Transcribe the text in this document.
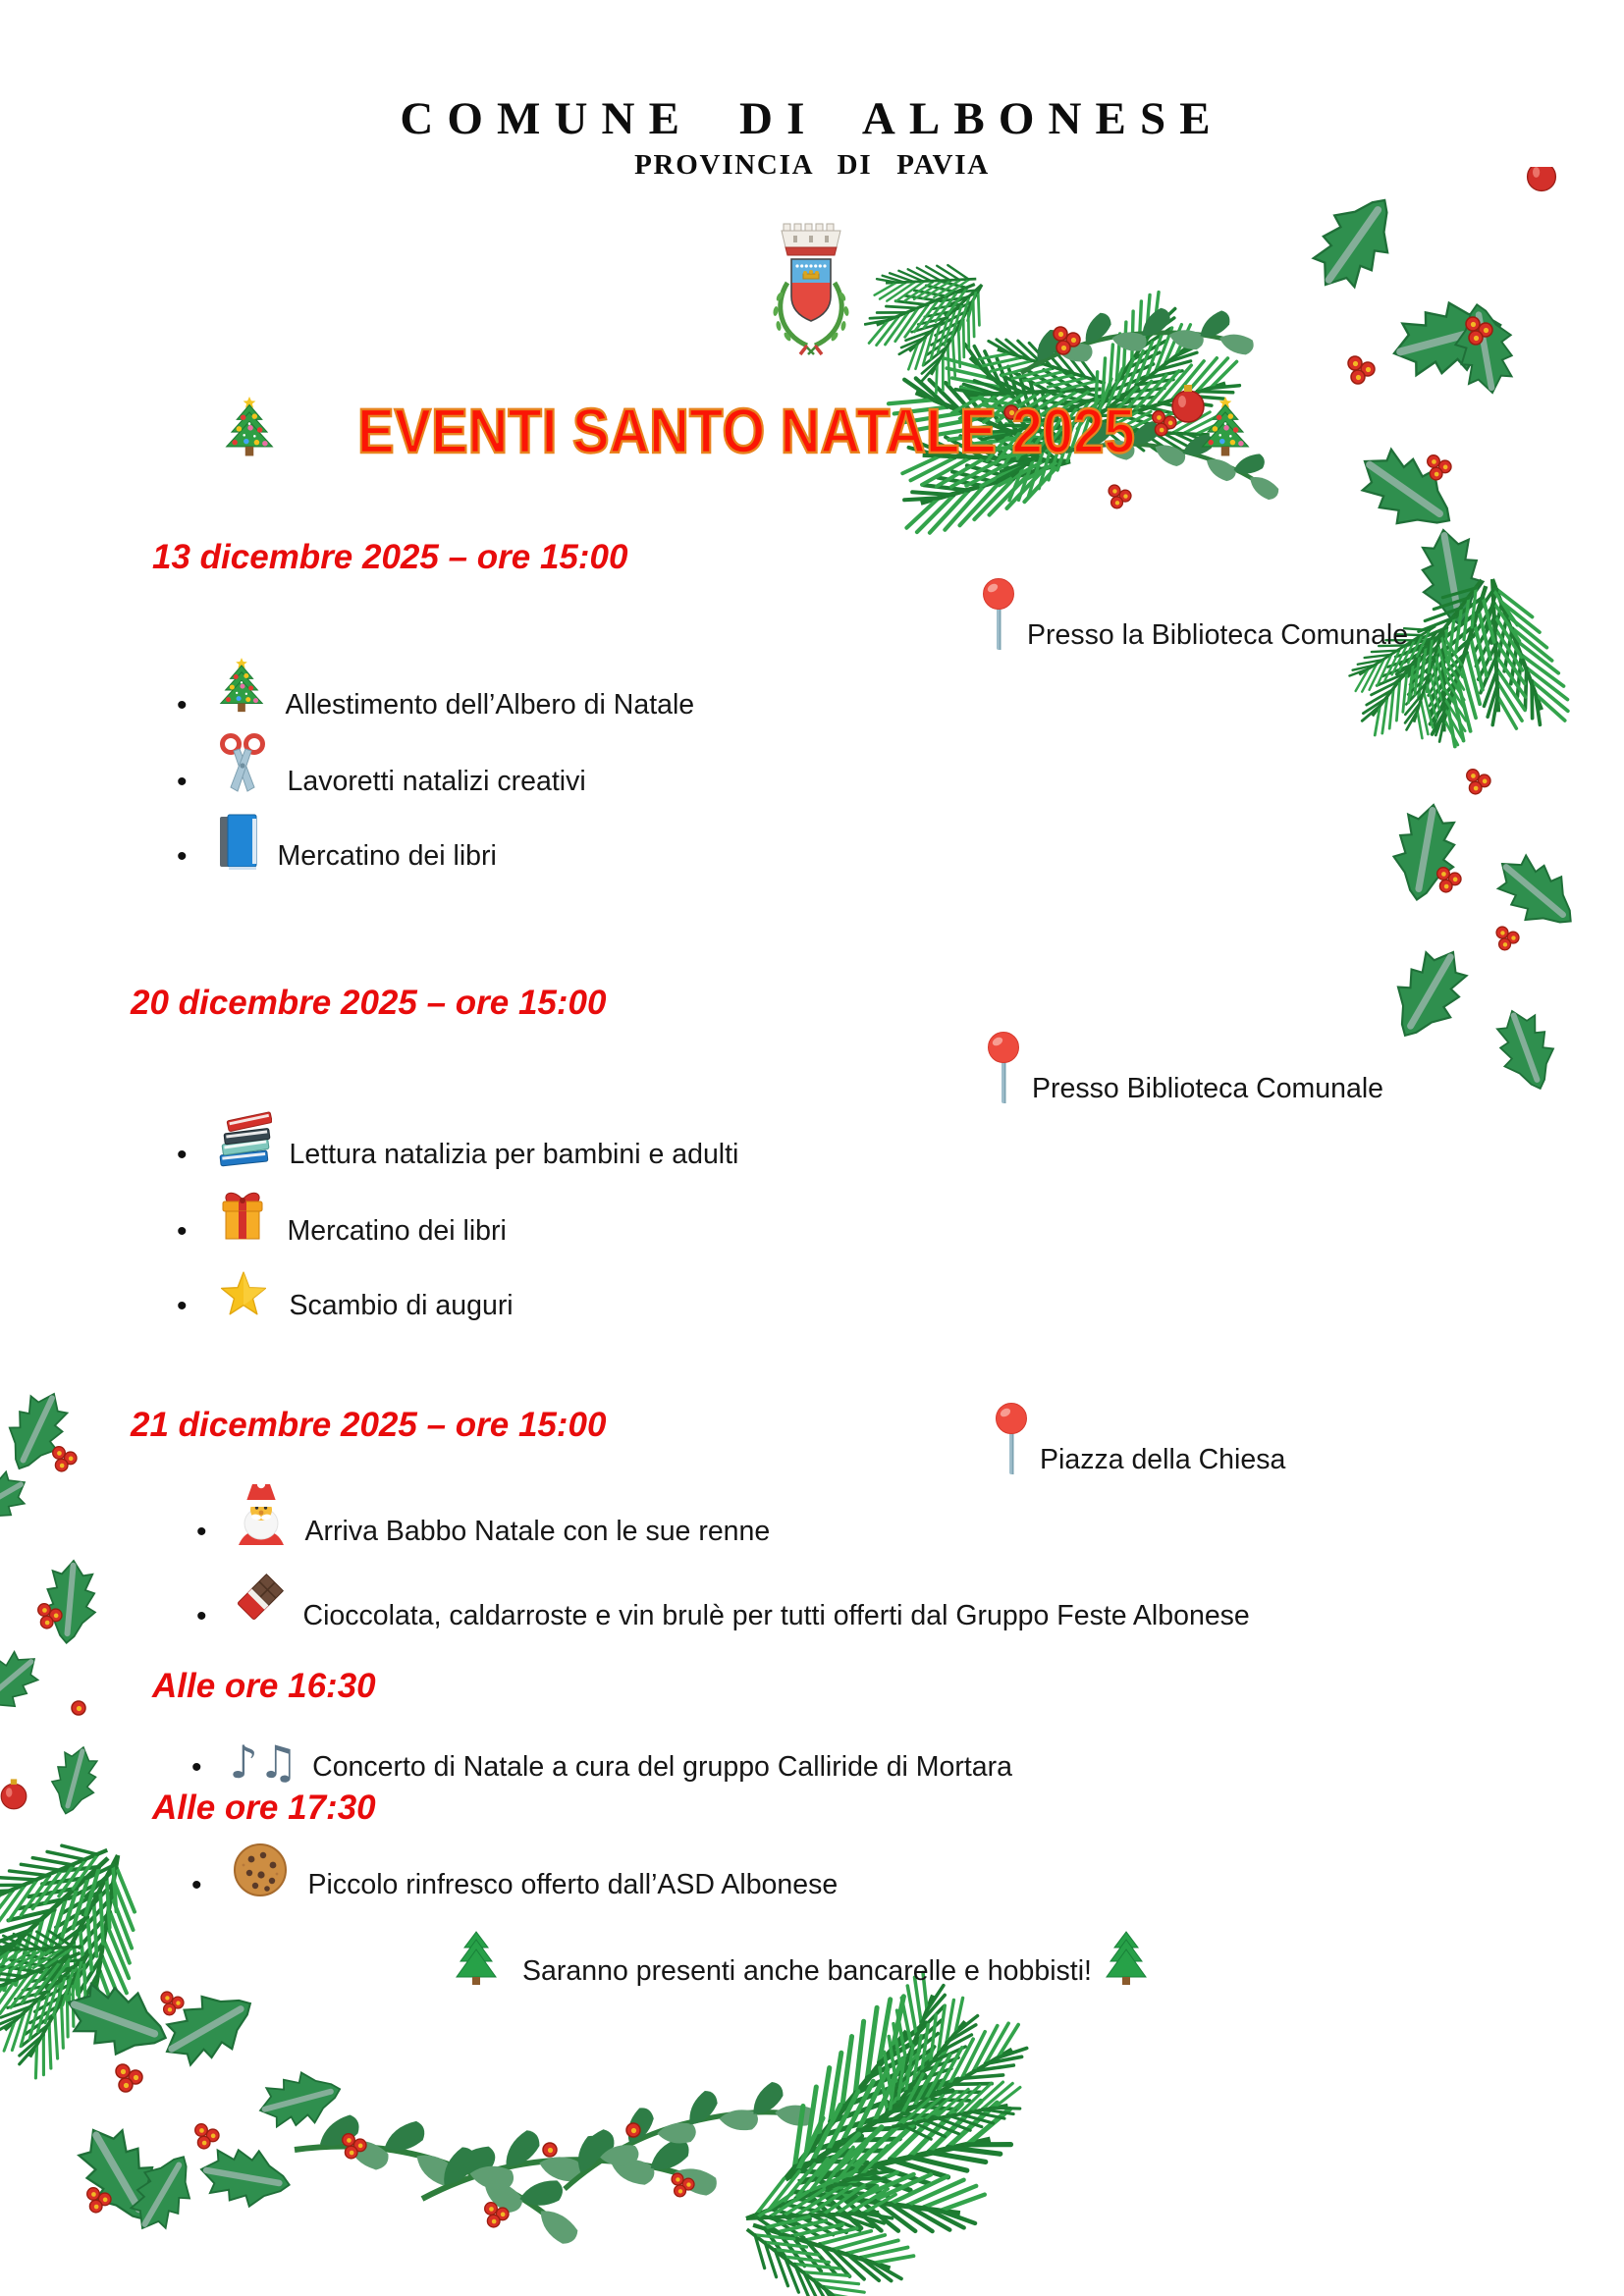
COMUNE DI ALBONESE
PROVINCIA DI PAVIA
EVENTI SANTO NATALE 2025
13 dicembre 2025 – ore 15:00
Presso la Biblioteca Comunale
•	Allestimento dell’Albero di Natale
•	Lavoretti natalizi creativi
•	Mercatino dei libri
20 dicembre 2025 – ore 15:00
Presso Biblioteca Comunale
•	Lettura natalizia per bambini e adulti
•	Mercatino dei libri
•	Scambio di auguri
21 dicembre 2025 – ore 15:00
Piazza della Chiesa
•	Arriva Babbo Natale con le sue renne
•	Cioccolata, caldarroste e vin brulè per tutti offerti dal Gruppo Feste Albonese
Alle ore 16:30
• ♪♫ Concerto di Natale a cura del gruppo Calliride di Mortara
Alle ore 17:30
•	Piccolo rinfresco offerto dall’ASD Albonese
Saranno presenti anche bancarelle e hobbisti!
